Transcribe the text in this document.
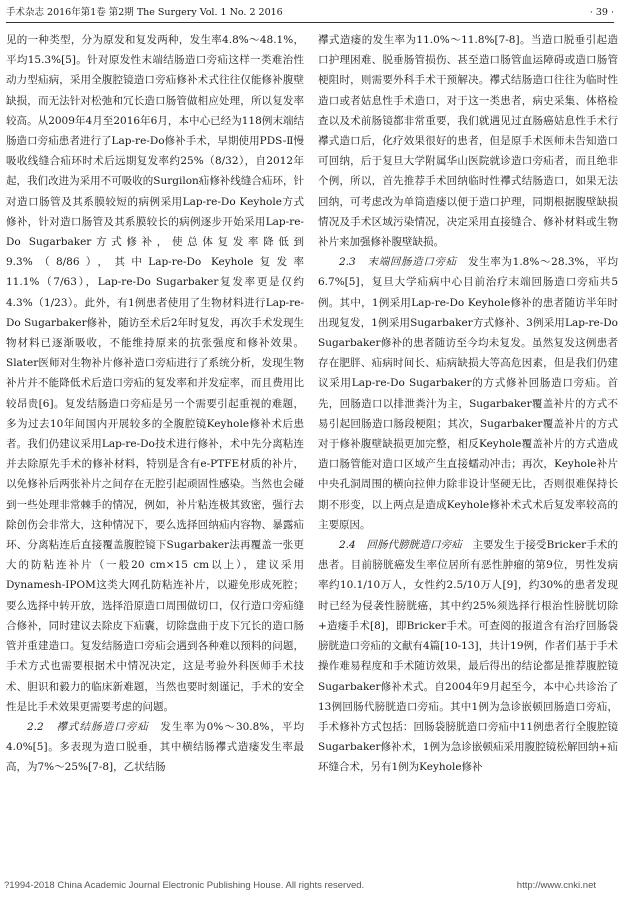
手术杂志 2016年第1卷 第2期 The Surgery Vol. 1 No. 2 2016	· 39 ·

见的一种类型，分为原发和复发两种，发生率4.8%～48.1%，平均15.3%[5]。针对原发性末端结肠造口旁疝这样一类难治性动力型疝病，采用全腹腔镜造口旁疝修补术式往往仅能修补腹壁缺损，而无法针对松弛和冗长造口肠管做相应处理，所以复发率较高。从2009年4月至2016年6月，本中心已经为118例末端结肠造口旁疝患者进行了Lap-re-Do修补手术，早期使用PDS-Ⅱ慢吸收线缝合疝环时术后远期复发率约25%（8/32），自2012年起，我们改进为采用不可吸收的Surgilon疝修补线缝合疝环，针对造口肠管及其系膜较短的病例采用Lap-re-Do Keyhole方式修补，针对造口肠管及其系膜较长的病例逐步开始采用Lap-re-Do Sugarbaker方式修补，使总体复发率降低到9.3%（8/86），其中Lap-re-Do Keyhole复发率11.1%（7/63），Lap-re-Do Sugarbaker复发率更是仅约4.3%（1/23）。此外，有1例患者使用了生物材料进行Lap-re-Do Sugarbaker修补，随访至术后2年时复发，再次手术发现生物材料已逐渐吸收，不能维持原来的抗张强度和修补效果。Slater医师对生物补片修补造口旁疝进行了系统分析，发现生物补片并不能降低术后造口旁疝的复发率和并发症率，而且费用比较昂贵[6]。复发结肠造口旁疝是另一个需要引起重视的难题，多为过去10年间国内开展较多的全腹腔镜Keyhole修补术后患者。我们仍建议采用Lap-re-Do技术进行修补，术中先分离粘连并去除原先手术的修补材料，特别是含有e-PTFE材质的补片，以免修补后两张补片之间存在无腔引起顽固性感染。当然也会碰到一些处理非常棘手的情况，例如，补片粘连极其致密，强行去除创伤会非常大，这种情况下，要么选择回纳疝内容物、暴露疝环、分离粘连后直接覆盖腹腔镜下Sugarbaker法再覆盖一张更大的防粘连补片（一般20 cm×15 cm以上），建议采用Dynamesh-IPOM这类大网孔防粘连补片，以避免形成死腔；要么选择中转开放，选择沿原造口周围做切口，仅行造口旁疝缝合修补，同时建议去除皮下疝囊，切除盘曲于皮下冗长的造口肠管并重建造口。复发结肠造口旁疝会遇到各种难以预料的问题，手术方式也需要根据术中情况决定，这是考验外科医师手术技术、胆识和毅力的临床新难题，当然也要时刻谨记，手术的安全性是比手术效果更需要考虑的问题。

2.2　襻式结肠造口旁疝　发生率为0%～30.8%，平均4.0%[5]。多表现为造口脱垂，其中横结肠襻式造瘘发生率最高，为7%～25%[7-8]，乙状结肠

襻式造瘘的发生率为11.0%～11.8%[7-8]。当造口脱垂引起造口护理困难、脱垂肠管损伤、甚至造口肠管血运障碍或造口肠管梗阻时，则需要外科手术干预解决。襻式结肠造口往往为临时性造口或者姑息性手术造口，对于这一类患者，病史采集、体格检查以及术前肠镜都非常重要，我们就遇见过直肠癌姑息性手术行襻式造口后，化疗效果很好的患者，但是原手术医师未告知造口可回纳，后于复旦大学附属华山医院就诊造口旁疝者，而且绝非个例，所以，首先推荐手术回纳临时性襻式结肠造口，如果无法回纳，可考虑改为单筒造瘘以便于造口护理，同期根据腹壁缺损情况及手术区域污染情况，决定采用直接缝合、修补材料或生物补片来加强修补腹壁缺损。

2.3　末端回肠造口旁疝　发生率为1.8%～28.3%，平均6.7%[5]，复旦大学疝病中心目前治疗末端回肠造口旁疝共5例。其中，1例采用Lap-re-Do Keyhole修补的患者随访半年时出现复发，1例采用Sugarbaker方式修补、3例采用Lap-re-Do Sugarbaker修补的患者随访至今均未复发。虽然复发这例患者存在肥胖、疝病时间长、疝病缺损大等高危因素，但是我们仍建议采用Lap-re-Do Sugarbaker的方式修补回肠造口旁疝。首先，回肠造口以排泄粪汁为主，Sugarbaker覆盖补片的方式不易引起回肠造口肠段梗阻；其次，Sugarbaker覆盖补片的方式对于修补腹壁缺损更加完整，相反Keyhole覆盖补片的方式造成造口肠管能对造口区域产生直接蠕动冲击；再次，Keyhole补片中央孔洞周围的横向拉伸力除非设计坚硬无比，否则很难保持长期不形变，以上两点是造成Keyhole修补术式术后复发率较高的主要原因。

2.4　回肠代膀胱造口旁疝　主要发生于接受Bricker手术的患者。目前膀胱癌发生率位居所有恶性肿瘤的第9位，男性发病率约10.1/10万人，女性约2.5/10万人[9]，约30%的患者发现时已经为侵袭性膀胱癌，其中约25%须选择行根治性膀胱切除+造瘘手术[8]，即Bricker手术。可查阅的报道含有治疗回肠袋膀胱造口旁疝的文献有4篇[10-13]，共计19例，作者们基于手术操作难易程度和手术随访效果，最后得出的结论都是推荐腹腔镜Sugarbaker修补术式。自2004年9月起至今，本中心共诊治了13例回肠代膀胱造口旁疝。其中1例为急诊嵌顿回肠造口旁疝，手术修补方式包括：回肠袋膀胱造口旁疝中11例患者行全腹腔镜Sugarbaker修补术，1例为急诊嵌顿疝采用腹腔镜松解回纳+疝环缝合术，另有1例为Keyhole修补

?1994-2018 China Academic Journal Electronic Publishing House. All rights reserved.	http://www.cnki.net
